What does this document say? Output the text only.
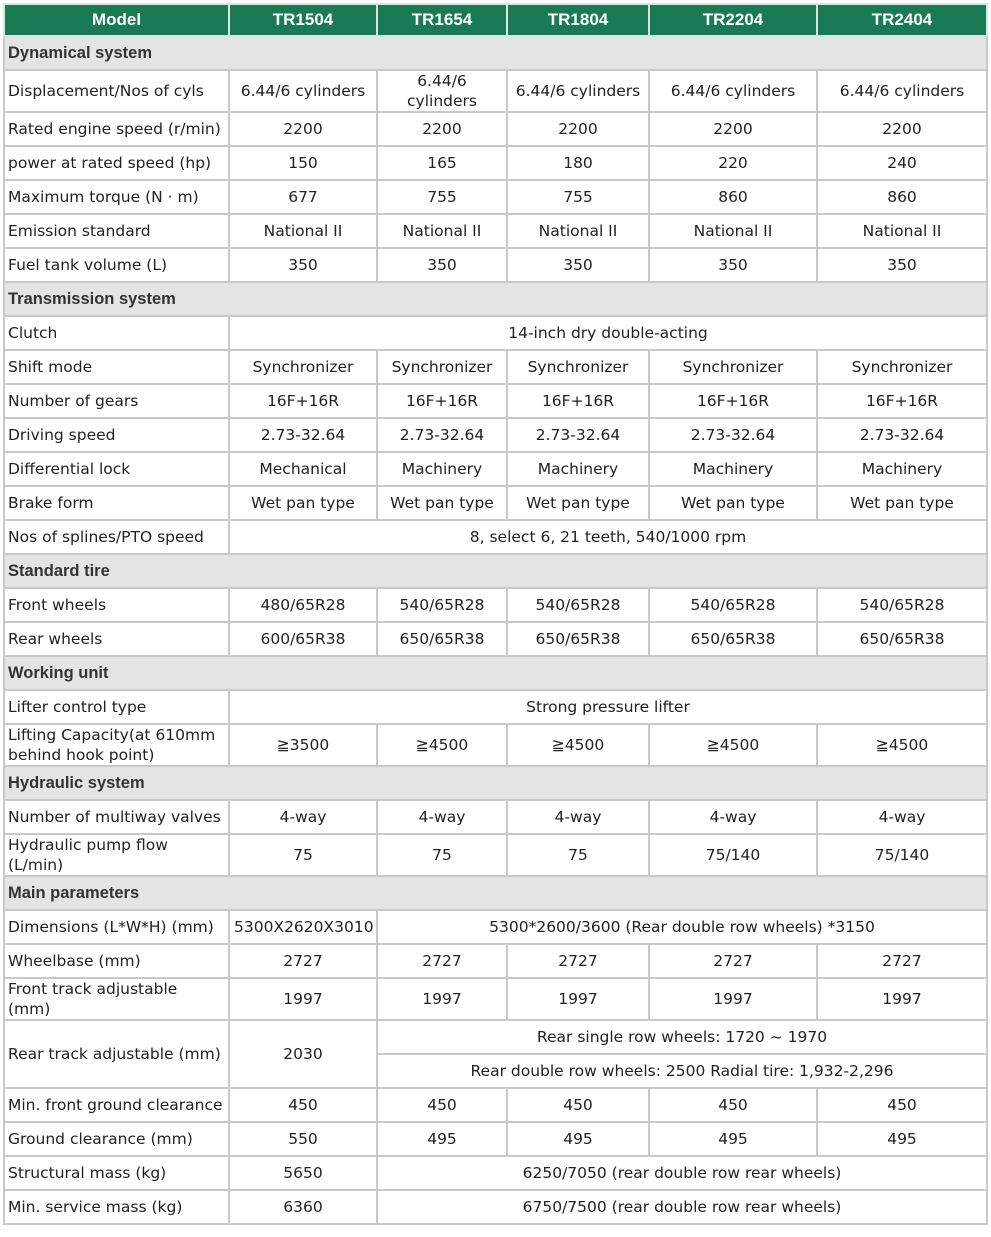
Model	TR1504	TR1654	TR1804	TR2204	TR2404
Dynamical system					
Displacement/Nos of cyls	6.44/6 cylinders	6.44/6 cylinders	6.44/6 cylinders	6.44/6 cylinders	6.44/6 cylinders
Rated engine speed (r/min)	2200	2200	2200	2200	2200
power at rated speed (hp)	150	165	180	220	240
Maximum torque (N · m)	677	755	755	860	860
Emission standard	National II	National II	National II	National II	National II
Fuel tank volume (L)	350	350	350	350	350
Transmission system					
Clutch	14-inch dry double-acting				
Shift mode	Synchronizer	Synchronizer	Synchronizer	Synchronizer	Synchronizer
Number of gears	16F+16R	16F+16R	16F+16R	16F+16R	16F+16R
Driving speed	2.73-32.64	2.73-32.64	2.73-32.64	2.73-32.64	2.73-32.64
Differential lock	Mechanical	Machinery	Machinery	Machinery	Machinery
Brake form	Wet pan type	Wet pan type	Wet pan type	Wet pan type	Wet pan type
Nos of splines/PTO speed	8, select 6, 21 teeth, 540/1000 rpm				
Standard tire					
Front wheels	480/65R28	540/65R28	540/65R28	540/65R28	540/65R28
Rear wheels	600/65R38	650/65R38	650/65R38	650/65R38	650/65R38
Working unit					
Lifter control type	Strong pressure lifter				
Lifting Capacity(at 610mm behind hook point)	≧3500	≧4500	≧4500	≧4500	≧4500
Hydraulic system					
Number of multiway valves	4-way	4-way	4-way	4-way	4-way
Hydraulic pump flow (L/min)	75	75	75	75/140	75/140
Main parameters					
Dimensions (L*W*H) (mm)	5300X2620X3010	5300*2600/3600 (Rear double row wheels) *3150			
Wheelbase (mm)	2727	2727	2727	2727	2727
Front track adjustable (mm)	1997	1997	1997	1997	1997
Rear track adjustable (mm)	2030	Rear single row wheels: 1720 ~ 1970			
		Rear double row wheels: 2500 Radial tire: 1,932-2,296			
Min. front ground clearance	450	450	450	450	450
Ground clearance (mm)	550	495	495	495	495
Structural mass (kg)	5650	6250/7050 (rear double row rear wheels)			
Min. service mass (kg)	6360	6750/7500 (rear double row rear wheels)			
